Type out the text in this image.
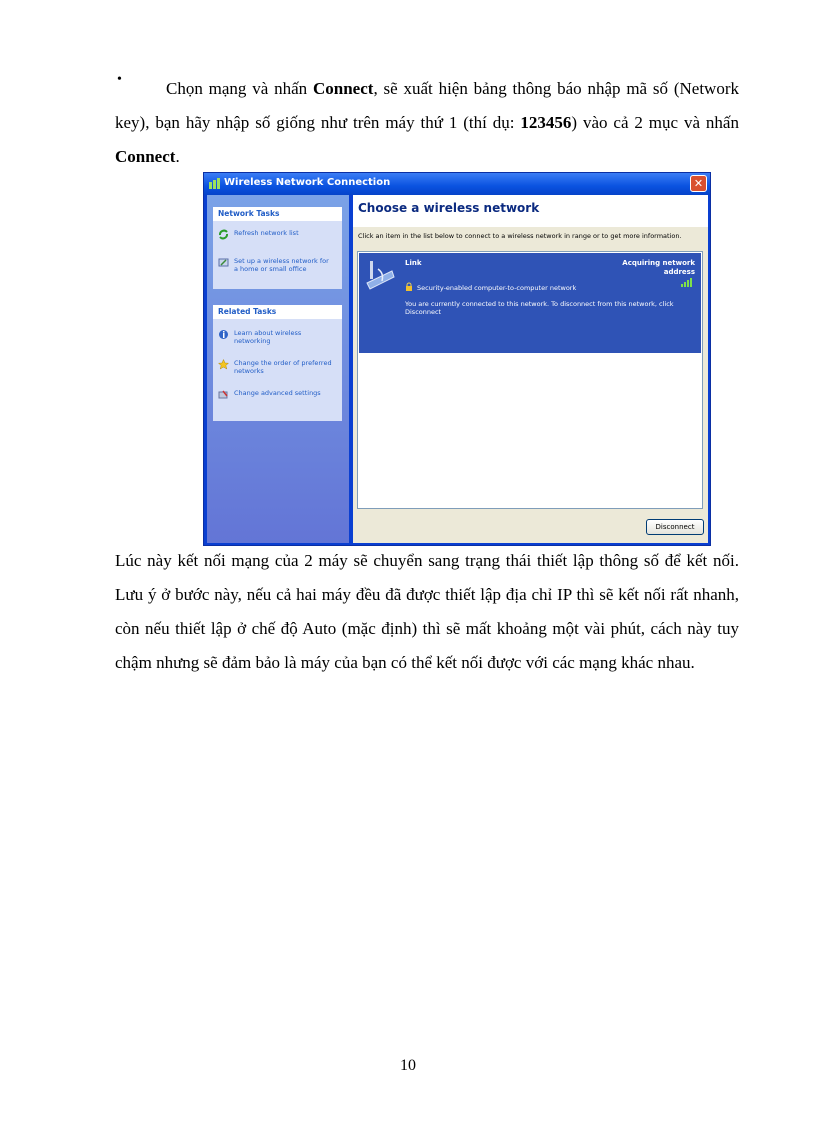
•	Chọn mạng và nhấn Connect, sẽ xuất hiện bảng thông báo nhập mã số (Network key), bạn hãy nhập số giống như trên máy thứ 1 (thí dụ: 123456) vào cả 2 mục và nhấn Connect.
Wireless Network Connection	✕
Network Tasks
Refresh network list
Set up a wireless network for a home or small office
Related Tasks
Learn about wireless networking
Change the order of preferred networks
Change advanced settings
Choose a wireless network
Click an item in the list below to connect to a wireless network in range or to get more information.
Link	Acquiring network address
Security-enabled computer-to-computer network
You are currently connected to this network. To disconnect from this network, click Disconnect
Disconnect
Lúc này kết nối mạng của 2 máy sẽ chuyển sang trạng thái thiết lập thông số để kết nối. Lưu ý ở bước này, nếu cả hai máy đều đã được thiết lập địa chỉ IP thì sẽ kết nối rất nhanh, còn nếu thiết lập ở chế độ Auto (mặc định) thì sẽ mất khoảng một vài phút, cách này tuy chậm nhưng sẽ đảm bảo là máy của bạn có thể kết nối được với các mạng khác nhau.
10
